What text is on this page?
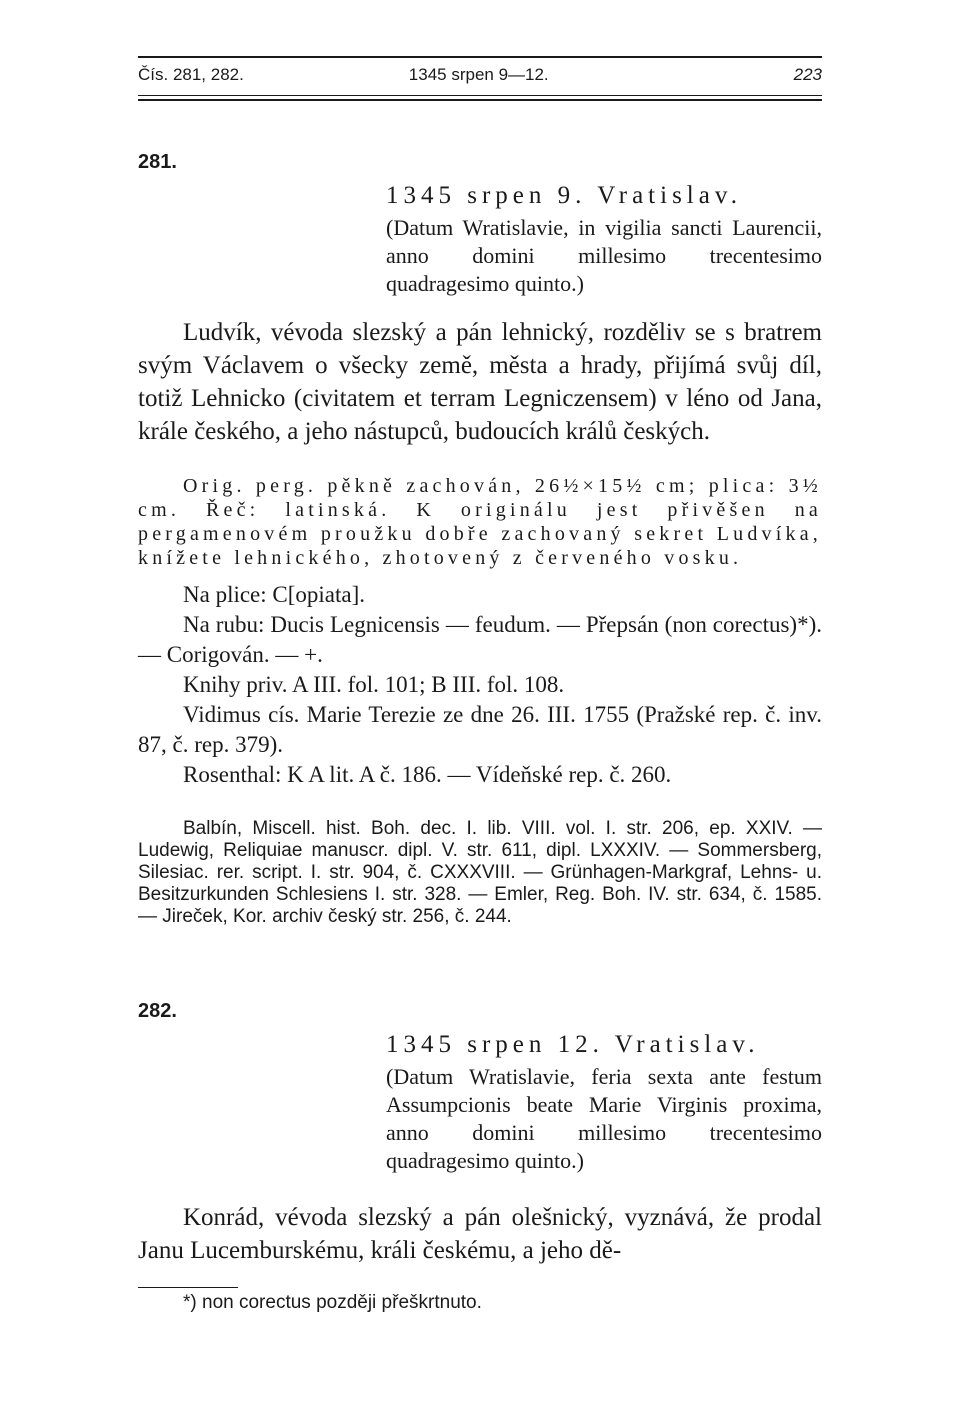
Čís. 281, 282.	1345 srpen 9—12.	223
281.
1345 srpen 9. Vratislav.
(Datum Wratislavie, in vigilia sancti Laurencii, anno domini millesimo trecentesimo quadragesimo quinto.)
Ludvík, vévoda slezský a pán lehnický, rozděliv se s bratrem svým Václavem o všecky země, města a hrady, přijímá svůj díl, totiž Lehnicko (civitatem et terram Legniczensem) v léno od Jana, krále českého, a jeho nástupců, budoucích králů českých.
Orig. perg. pěkně zachován, 26½×15½ cm; plica: 3½ cm. Řeč: latinská. K originálu jest přivěšen na pergamenovém proužku dobře zachovaný sekret Ludvíka, knížete lehnického, zhotovený z červeného vosku.

Na plice: C[opiata].

Na rubu: Ducis Legnicensis — feudum. — Přepsán (non corectus)*). — Corigován. — +.

Knihy priv. A III. fol. 101; B III. fol. 108.

Vidimus cís. Marie Terezie ze dne 26. III. 1755 (Pražské rep. č. inv. 87, č. rep. 379).

Rosenthal: K A lit. A č. 186. — Vídeňské rep. č. 260.

Balbín, Miscell. hist. Boh. dec. I. lib. VIII. vol. I. str. 206, ep. XXIV. — Ludewig, Reliquiae manuscr. dipl. V. str. 611, dipl. LXXXIV. — Sommersberg, Silesiac. rer. script. I. str. 904, č. CXXXVIII. — Grünhagen-Markgraf, Lehns- u. Besitzurkunden Schlesiens I. str. 328. — Emler, Reg. Boh. IV. str. 634, č. 1585. — Jireček, Kor. archiv český str. 256, č. 244.
282.
1345 srpen 12. Vratislav.
(Datum Wratislavie, feria sexta ante festum Assumpcionis beate Marie Virginis proxima, anno domini millesimo trecentesimo quadragesimo quinto.)
Konrád, vévoda slezský a pán olešnický, vyznává, že prodal Janu Lucemburskému, králi českému, a jeho dě-
*) non corectus později přeškrtnuto.
